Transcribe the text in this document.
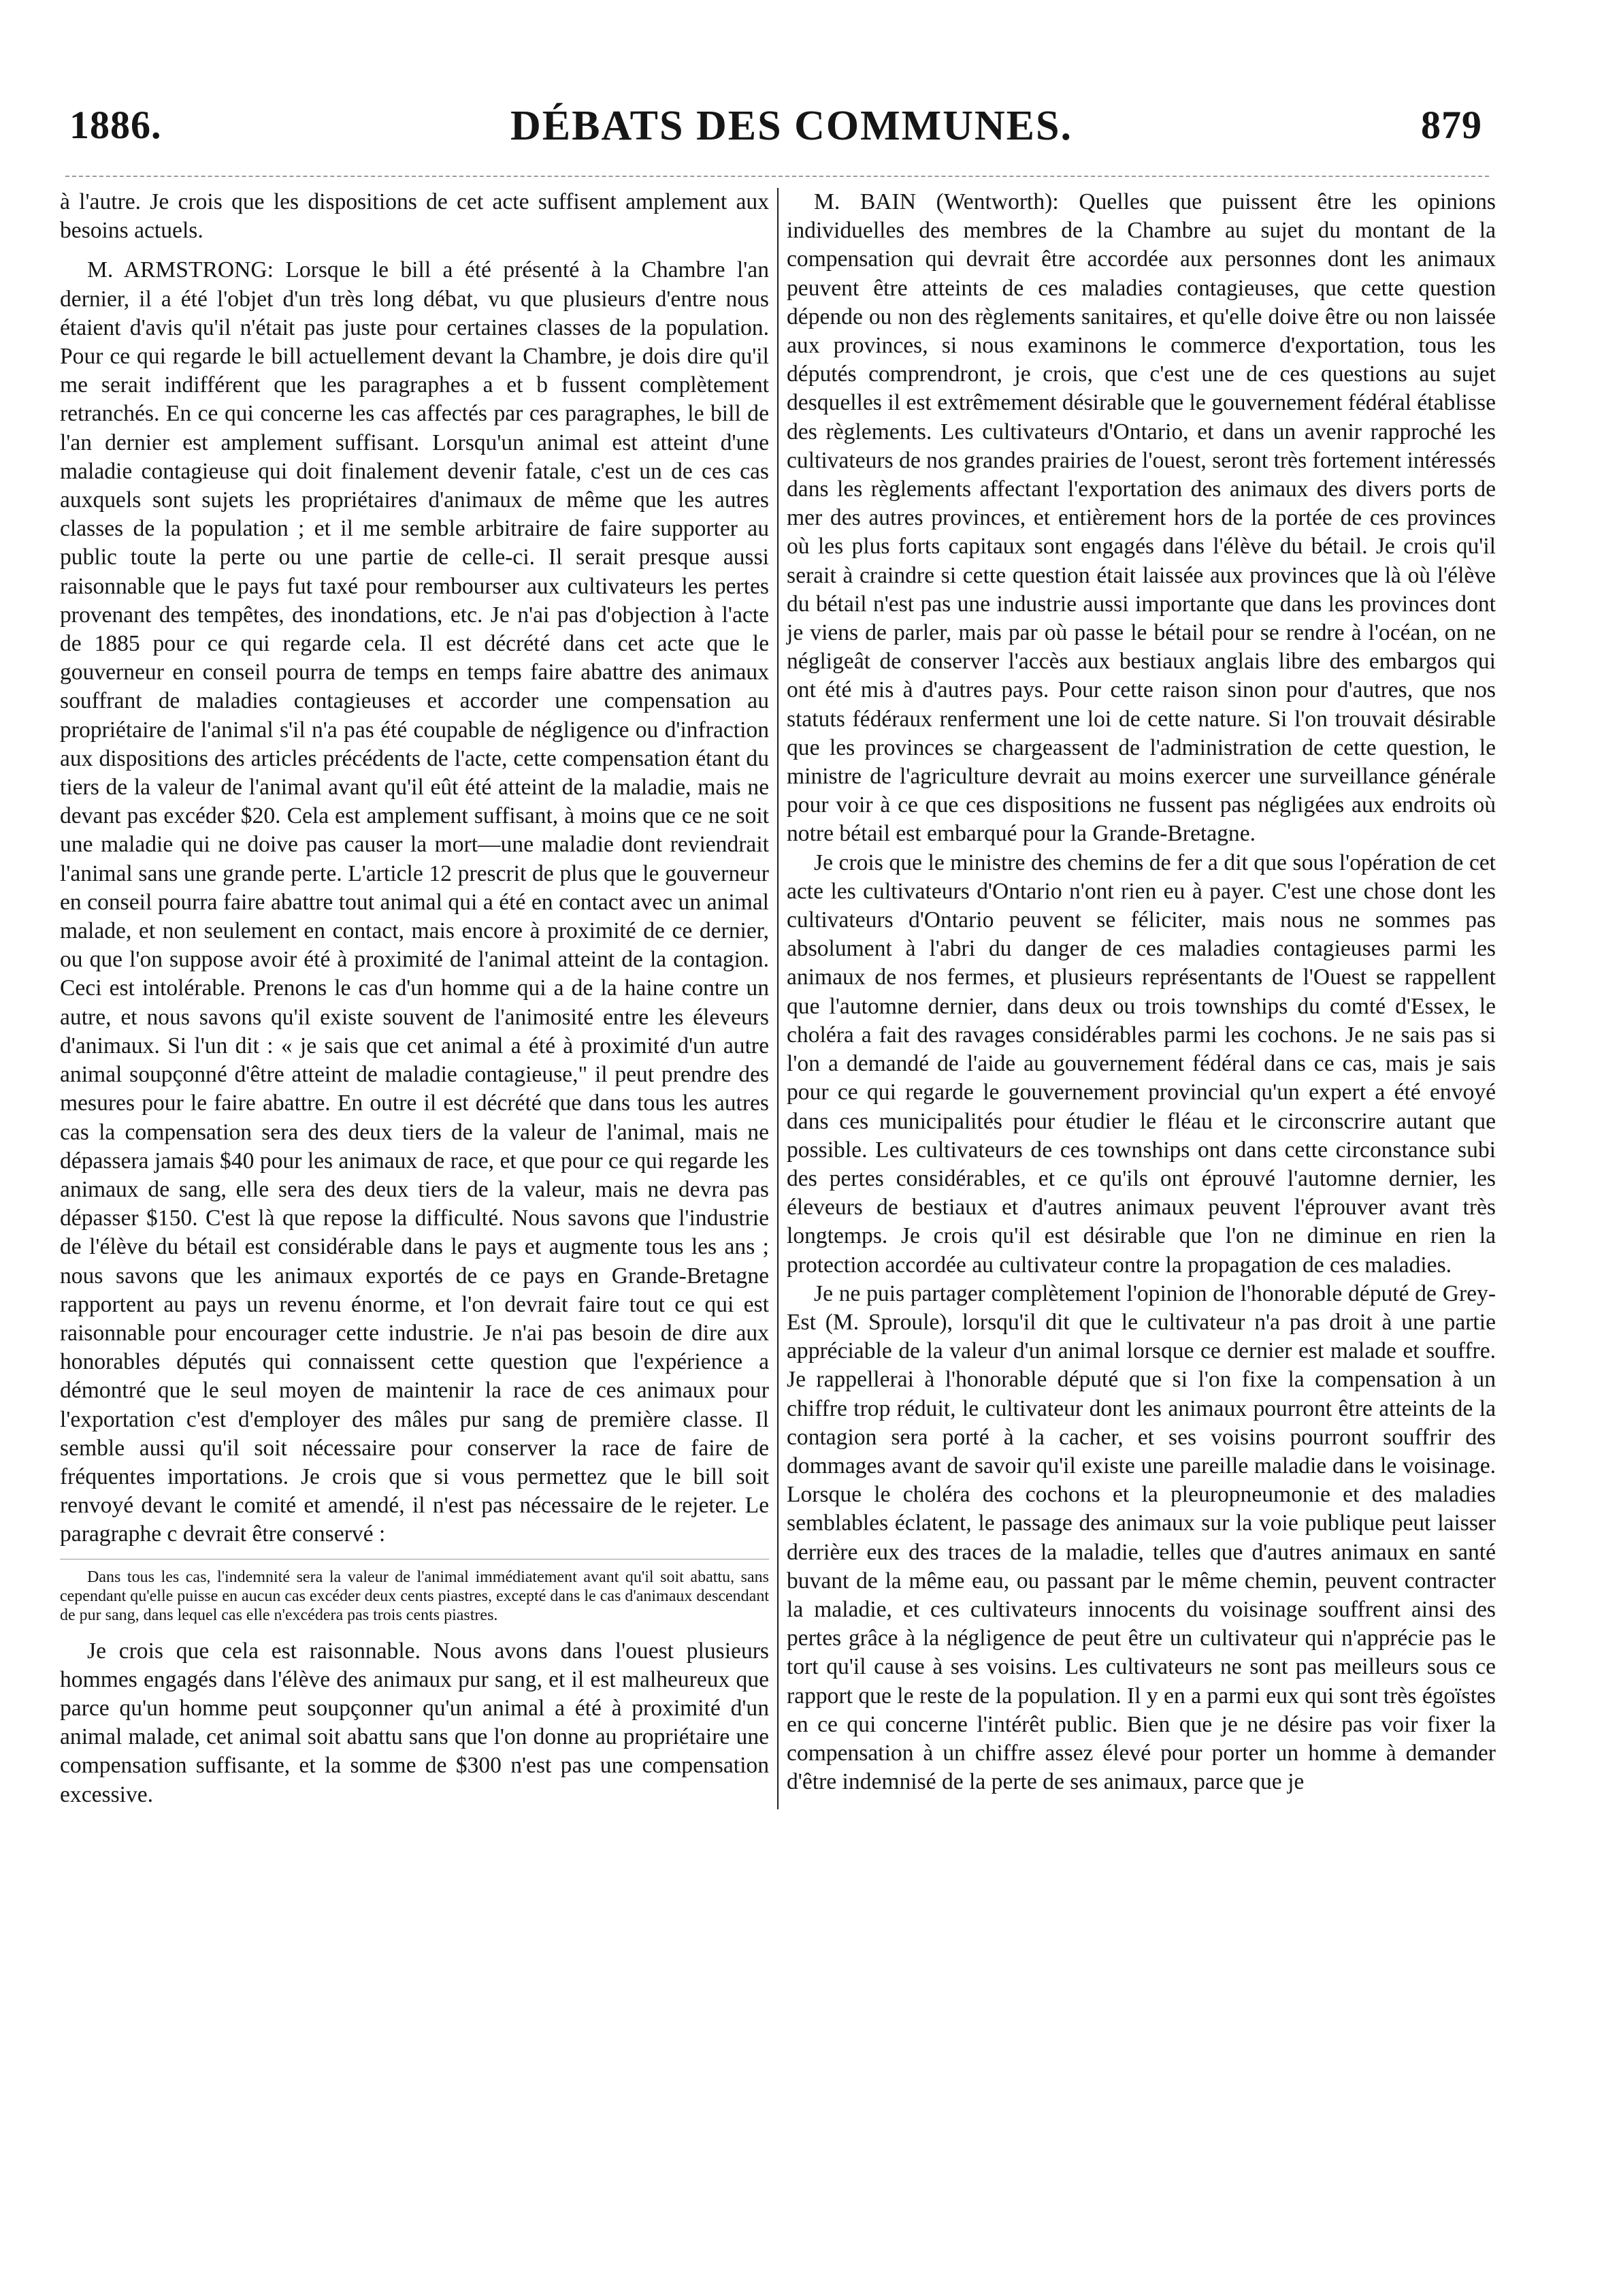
1886.	DÉBATS DES COMMUNES.	879

à l'autre. Je crois que les dispositions de cet acte suffisent amplement aux besoins actuels.

M. ARMSTRONG: Lorsque le bill a été présenté à la Chambre l'an dernier, il a été l'objet d'un très long débat, vu que plusieurs d'entre nous étaient d'avis qu'il n'était pas juste pour certaines classes de la population. Pour ce qui regarde le bill actuellement devant la Chambre, je dois dire qu'il me serait indifférent que les paragraphes a et b fussent complètement retranchés. En ce qui concerne les cas affectés par ces paragraphes, le bill de l'an dernier est amplement suffisant. Lorsqu'un animal est atteint d'une maladie contagieuse qui doit finalement devenir fatale, c'est un de ces cas auxquels sont sujets les propriétaires d'animaux de même que les autres classes de la population ; et il me semble arbitraire de faire supporter au public toute la perte ou une partie de celle-ci. Il serait presque aussi raisonnable que le pays fut taxé pour rembourser aux cultivateurs les pertes provenant des tempêtes, des inondations, etc. Je n'ai pas d'objection à l'acte de 1885 pour ce qui regarde cela. Il est décrété dans cet acte que le gouverneur en conseil pourra de temps en temps faire abattre des animaux souffrant de maladies contagieuses et accorder une compensation au propriétaire de l'animal s'il n'a pas été coupable de négligence ou d'infraction aux dispositions des articles précédents de l'acte, cette compensation étant du tiers de la valeur de l'animal avant qu'il eût été atteint de la maladie, mais ne devant pas excéder $20. Cela est amplement suffisant, à moins que ce ne soit une maladie qui ne doive pas causer la mort—une maladie dont reviendrait l'animal sans une grande perte. L'article 12 prescrit de plus que le gouverneur en conseil pourra faire abattre tout animal qui a été en contact avec un animal malade, et non seulement en contact, mais encore à proximité de ce dernier, ou que l'on suppose avoir été à proximité de l'animal atteint de la contagion. Ceci est intolérable. Prenons le cas d'un homme qui a de la haine contre un autre, et nous savons qu'il existe souvent de l'animosité entre les éleveurs d'animaux. Si l'un dit : « je sais que cet animal a été à proximité d'un autre animal soupçonné d'être atteint de maladie contagieuse," il peut prendre des mesures pour le faire abattre. En outre il est décrété que dans tous les autres cas la compensation sera des deux tiers de la valeur de l'animal, mais ne dépassera jamais $40 pour les animaux de race, et que pour ce qui regarde les animaux de sang, elle sera des deux tiers de la valeur, mais ne devra pas dépasser $150. C'est là que repose la difficulté. Nous savons que l'industrie de l'élève du bétail est considérable dans le pays et augmente tous les ans ; nous savons que les animaux exportés de ce pays en Grande-Bretagne rapportent au pays un revenu énorme, et l'on devrait faire tout ce qui est raisonnable pour encourager cette industrie. Je n'ai pas besoin de dire aux honorables députés qui connaissent cette question que l'expérience a démontré que le seul moyen de maintenir la race de ces animaux pour l'exportation c'est d'employer des mâles pur sang de première classe. Il semble aussi qu'il soit nécessaire pour conserver la race de faire de fréquentes importations. Je crois que si vous permettez que le bill soit renvoyé devant le comité et amendé, il n'est pas nécessaire de le rejeter. Le paragraphe c devrait être conservé :

Dans tous les cas, l'indemnité sera la valeur de l'animal immédiatement avant qu'il soit abattu, sans cependant qu'elle puisse en aucun cas excéder deux cents piastres, excepté dans le cas d'animaux descendant de pur sang, dans lequel cas elle n'excédera pas trois cents piastres.

Je crois que cela est raisonnable. Nous avons dans l'ouest plusieurs hommes engagés dans l'élève des animaux pur sang, et il est malheureux que parce qu'un homme peut soupçonner qu'un animal a été à proximité d'un animal malade, cet animal soit abattu sans que l'on donne au propriétaire une compensation suffisante, et la somme de $300 n'est pas une compensation excessive.

M. BAIN (Wentworth): Quelles que puissent être les opinions individuelles des membres de la Chambre au sujet du montant de la compensation qui devrait être accordée aux personnes dont les animaux peuvent être atteints de ces maladies contagieuses, que cette question dépende ou non des règlements sanitaires, et qu'elle doive être ou non laissée aux provinces, si nous examinons le commerce d'exportation, tous les députés comprendront, je crois, que c'est une de ces questions au sujet desquelles il est extrêmement désirable que le gouvernement fédéral établisse des règlements. Les cultivateurs d'Ontario, et dans un avenir rapproché les cultivateurs de nos grandes prairies de l'ouest, seront très fortement intéressés dans les règlements affectant l'exportation des animaux des divers ports de mer des autres provinces, et entièrement hors de la portée de ces provinces où les plus forts capitaux sont engagés dans l'élève du bétail. Je crois qu'il serait à craindre si cette question était laissée aux provinces que là où l'élève du bétail n'est pas une industrie aussi importante que dans les provinces dont je viens de parler, mais par où passe le bétail pour se rendre à l'océan, on ne négligeât de conserver l'accès aux bestiaux anglais libre des embargos qui ont été mis à d'autres pays. Pour cette raison sinon pour d'autres, que nos statuts fédéraux renferment une loi de cette nature. Si l'on trouvait désirable que les provinces se chargeassent de l'administration de cette question, le ministre de l'agriculture devrait au moins exercer une surveillance générale pour voir à ce que ces dispositions ne fussent pas négligées aux endroits où notre bétail est embarqué pour la Grande-Bretagne.

Je crois que le ministre des chemins de fer a dit que sous l'opération de cet acte les cultivateurs d'Ontario n'ont rien eu à payer. C'est une chose dont les cultivateurs d'Ontario peuvent se féliciter, mais nous ne sommes pas absolument à l'abri du danger de ces maladies contagieuses parmi les animaux de nos fermes, et plusieurs représentants de l'Ouest se rappellent que l'automne dernier, dans deux ou trois townships du comté d'Essex, le choléra a fait des ravages considérables parmi les cochons. Je ne sais pas si l'on a demandé de l'aide au gouvernement fédéral dans ce cas, mais je sais pour ce qui regarde le gouvernement provincial qu'un expert a été envoyé dans ces municipalités pour étudier le fléau et le circonscrire autant que possible. Les cultivateurs de ces townships ont dans cette circonstance subi des pertes considérables, et ce qu'ils ont éprouvé l'automne dernier, les éleveurs de bestiaux et d'autres animaux peuvent l'éprouver avant très longtemps. Je crois qu'il est désirable que l'on ne diminue en rien la protection accordée au cultivateur contre la propagation de ces maladies.

Je ne puis partager complètement l'opinion de l'honorable député de Grey-Est (M. Sproule), lorsqu'il dit que le cultivateur n'a pas droit à une partie appréciable de la valeur d'un animal lorsque ce dernier est malade et souffre. Je rappellerai à l'honorable député que si l'on fixe la compensation à un chiffre trop réduit, le cultivateur dont les animaux pourront être atteints de la contagion sera porté à la cacher, et ses voisins pourront souffrir des dommages avant de savoir qu'il existe une pareille maladie dans le voisinage. Lorsque le choléra des cochons et la pleuropneumonie et des maladies semblables éclatent, le passage des animaux sur la voie publique peut laisser derrière eux des traces de la maladie, telles que d'autres animaux en santé buvant de la même eau, ou passant par le même chemin, peuvent contracter la maladie, et ces cultivateurs innocents du voisinage souffrent ainsi des pertes grâce à la négligence de peut être un cultivateur qui n'apprécie pas le tort qu'il cause à ses voisins. Les cultivateurs ne sont pas meilleurs sous ce rapport que le reste de la population. Il y en a parmi eux qui sont très égoïstes en ce qui concerne l'intérêt public. Bien que je ne désire pas voir fixer la compensation à un chiffre assez élevé pour porter un homme à demander d'être indemnisé de la perte de ses animaux, parce que je
